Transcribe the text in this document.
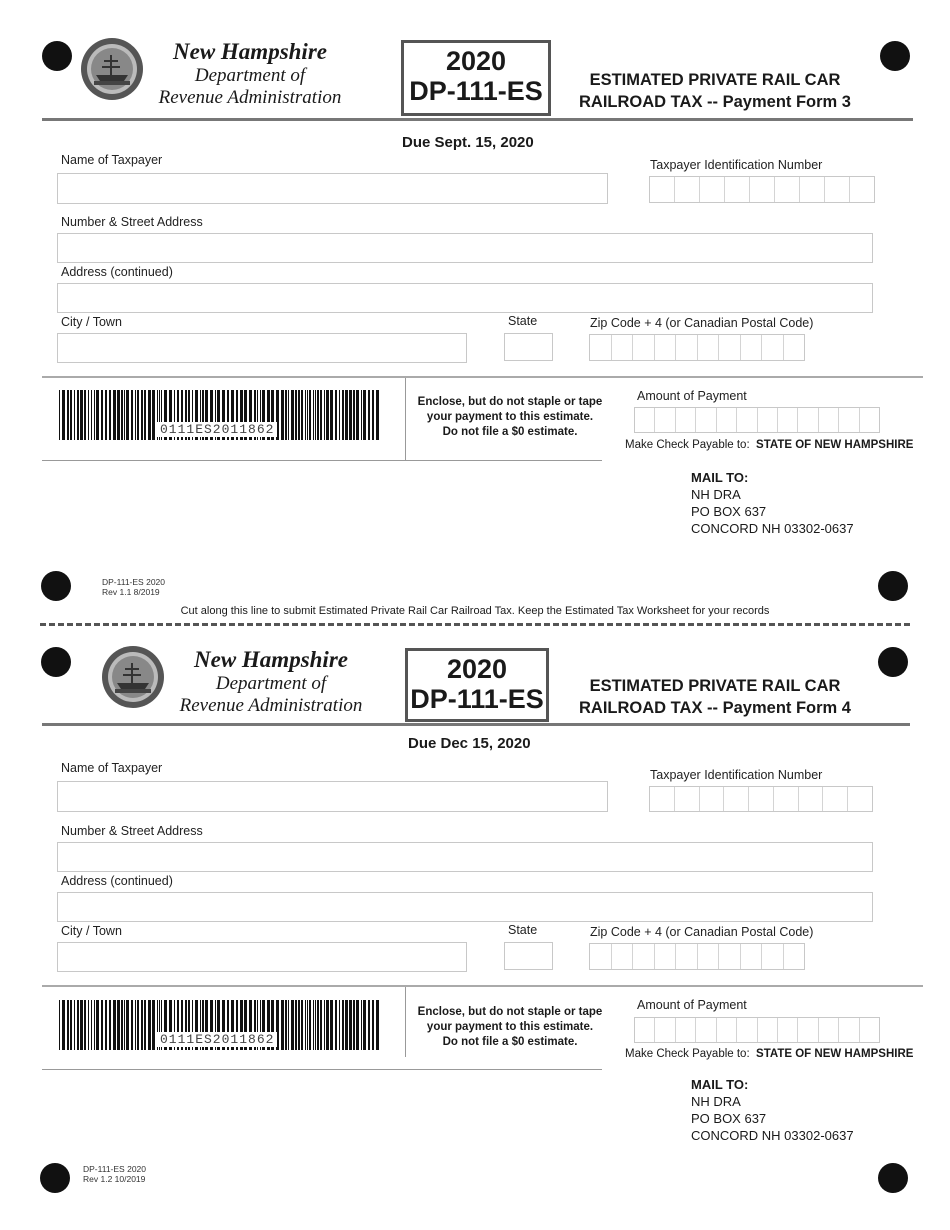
New Hampshire
Department of
Revenue Administration
2020
DP-111-ES	ESTIMATED PRIVATE RAIL CAR
RAILROAD TAX -- Payment Form 3
Due Sept. 15, 2020
Name of Taxpayer	Taxpayer Identification Number
Number & Street Address
Address (continued)
City / Town	State	Zip Code + 4 (or Canadian Postal Code)
0111ES2011862
Enclose, but do not staple or tape
your payment to this estimate.
Do not file a $0 estimate.
Amount of Payment
Make Check Payable to: STATE OF NEW HAMPSHIRE
MAIL TO:
NH DRA
PO BOX 637
CONCORD NH 03302-0637
DP-111-ES 2020
Rev 1.1 8/2019
Cut along this line to submit Estimated Private Rail Car Railroad Tax. Keep the Estimated Tax Worksheet for your records
New Hampshire
Department of
Revenue Administration
2020
DP-111-ES	ESTIMATED PRIVATE RAIL CAR
RAILROAD TAX -- Payment Form 4
Due Dec 15, 2020
Name of Taxpayer	Taxpayer Identification Number
Number & Street Address
Address (continued)
City / Town	State	Zip Code + 4 (or Canadian Postal Code)
0111ES2011862
Enclose, but do not staple or tape
your payment to this estimate.
Do not file a $0 estimate.
Amount of Payment
Make Check Payable to: STATE OF NEW HAMPSHIRE
MAIL TO:
NH DRA
PO BOX 637
CONCORD NH 03302-0637
DP-111-ES 2020
Rev 1.2 10/2019
